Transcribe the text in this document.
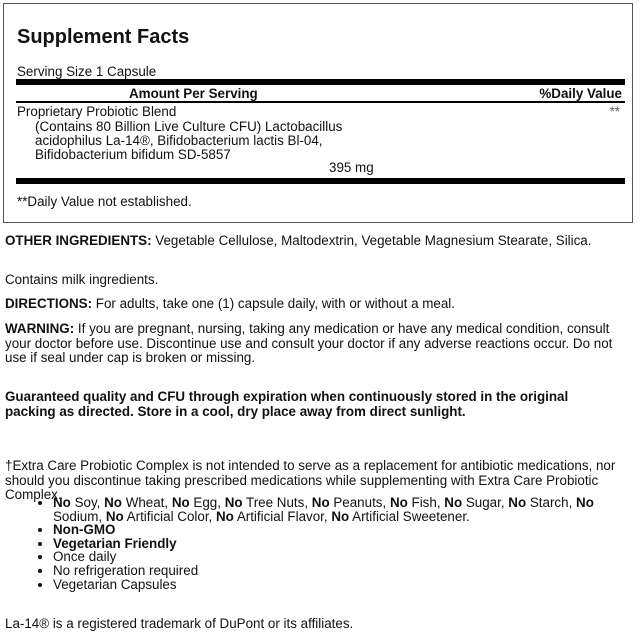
Supplement Facts
Serving Size 1 Capsule
Amount Per Serving	%Daily Value
Proprietary Probiotic Blend	**
(Contains 80 Billion Live Culture CFU) Lactobacillus
acidophilus La-14®, Bifidobacterium lactis Bl-04,
Bifidobacterium bifidum SD-5857
395 mg
**Daily Value not established.
OTHER INGREDIENTS: Vegetable Cellulose, Maltodextrin, Vegetable Magnesium Stearate, Silica.
Contains milk ingredients.
DIRECTIONS: For adults, take one (1) capsule daily, with or without a meal.
WARNING: If you are pregnant, nursing, taking any medication or have any medical condition, consult your doctor before use. Discontinue use and consult your doctor if any adverse reactions occur. Do not use if seal under cap is broken or missing.
Guaranteed quality and CFU through expiration when continuously stored in the original packing as directed. Store in a cool, dry place away from direct sunlight.
†Extra Care Probiotic Complex is not intended to serve as a replacement for antibiotic medications, nor should you discontinue taking prescribed medications while supplementing with Extra Care Probiotic Complex.
• No Soy, No Wheat, No Egg, No Tree Nuts, No Peanuts, No Fish, No Sugar, No Starch, No Sodium, No Artificial Color, No Artificial Flavor, No Artificial Sweetener.
• Non-GMO
• Vegetarian Friendly
• Once daily
• No refrigeration required
• Vegetarian Capsules
La-14® is a registered trademark of DuPont or its affiliates.
